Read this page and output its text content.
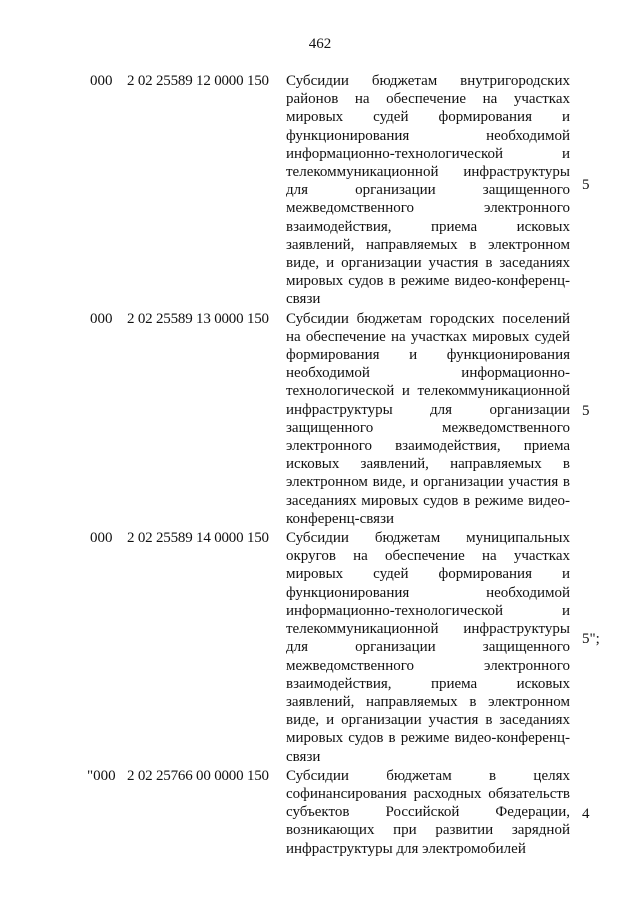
462
000 2 02 25589 12 0000 150 Субсидии бюджетам внутригородских районов на обеспечение на участках мировых судей формирования и функционирования необходимой информационно-технологической и телекоммуникационной инфраструктуры для организации защищенного межведомственного электронного взаимодействия, приема исковых заявлений, направляемых в электронном виде, и организации участия в заседаниях мировых судов в режиме видео-конференц-связи
5
000 2 02 25589 13 0000 150 Субсидии бюджетам городских поселений на обеспечение на участках мировых судей формирования и функционирования необходимой информационно-технологической и телекоммуникационной инфраструктуры для организации защищенного межведомственного электронного взаимодействия, приема исковых заявлений, направляемых в электронном виде, и организации участия в заседаниях мировых судов в режиме видео-конференц-связи
5
000 2 02 25589 14 0000 150 Субсидии бюджетам муниципальных округов на обеспечение на участках мировых судей формирования и функционирования необходимой информационно-технологической и телекоммуникационной инфраструктуры для организации защищенного межведомственного электронного взаимодействия, приема исковых заявлений, направляемых в электронном виде, и организации участия в заседаниях мировых судов в режиме видео-конференц-связи
5";
"000 2 02 25766 00 0000 150 Субсидии бюджетам в целях софинансирования расходных обязательств субъектов Российской Федерации, возникающих при развитии зарядной инфраструктуры для электромобилей
4
